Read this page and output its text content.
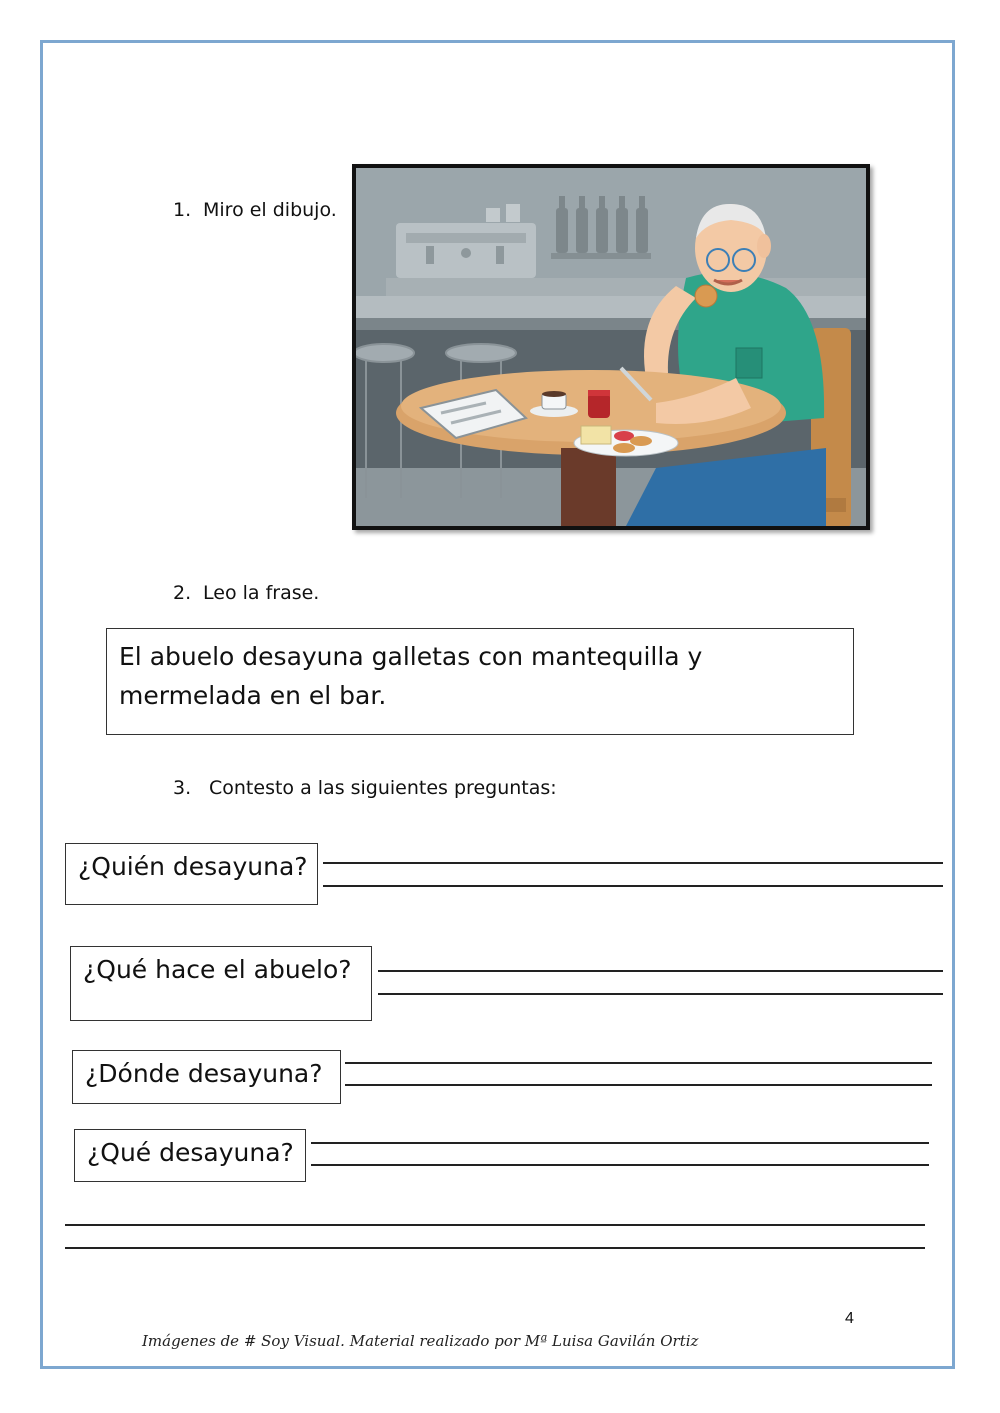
1. Miro el dibujo.
2. Leo la frase.
El abuelo desayuna galletas con mantequilla y mermelada en el bar.
3. Contesto a las siguientes preguntas:
¿Quién desayuna?
¿Qué hace el abuelo?
¿Dónde desayuna?
¿Qué desayuna?
4
Imágenes de # Soy Visual. Material realizado por Mª Luisa Gavilán Ortiz
